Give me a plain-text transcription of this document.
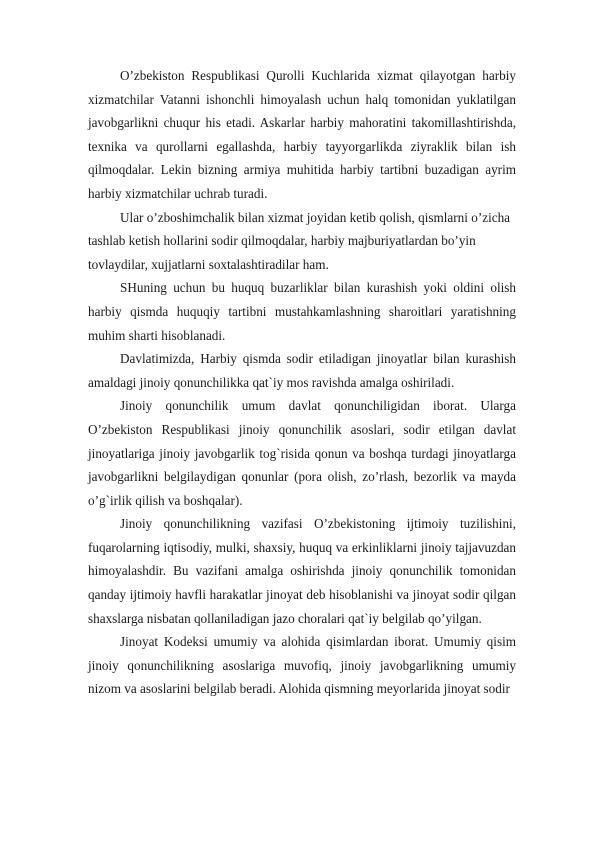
O’zbekiston Respublikasi Qurolli Kuchlarida xizmat qilayotgan harbiy xizmatchilar Vatanni ishonchli himoyalash uchun halq tomonidan yuklatilgan javobgarlikni chuqur his etadi. Askarlar harbiy mahoratini takomillashtirishda, texnika va qurollarni egallashda, harbiy tayyorgarlikda ziyraklik bilan ish qilmoqdalar. Lekin bizning armiya muhitida harbiy tartibni buzadigan ayrim harbiy xizmatchilar uchrab turadi.

Ular o’zboshimchalik bilan xizmat joyidan ketib qolish, qismlarni o’zicha tashlab ketish hollarini sodir qilmoqdalar, harbiy majburiyatlardan bo’yin tovlaydilar, xujjatlarni soxtalashtiradilar ham.

SHuning uchun bu huquq buzarliklar bilan kurashish yoki oldini olish harbiy qismda huquqiy tartibni mustahkamlashning sharoitlari yaratishning muhim sharti hisoblanadi.

Davlatimizda, Harbiy qismda sodir etiladigan jinoyatlar bilan kurashish amaldagi jinoiy qonunchilikka qat`iy mos ravishda amalga oshiriladi.

Jinoiy qonunchilik umum davlat qonunchiligidan iborat. Ularga O’zbekiston Respublikasi jinoiy qonunchilik asoslari, sodir etilgan davlat jinoyatlariga jinoiy javobgarlik tog`risida qonun va boshqa turdagi jinoyatlarga javobgarlikni belgilaydigan qonunlar (pora olish, zo’rlash, bezorlik va mayda o’g`irlik qilish va boshqalar).

Jinoiy qonunchilikning vazifasi O’zbekistoning ijtimoiy tuzilishini, fuqarolarning iqtisodiy, mulki, shaxsiy, huquq va erkinliklarni jinoiy tajjavuzdan himoyalashdir. Bu vazifani amalga oshirishda jinoiy qonunchilik tomonidan qanday ijtimoiy havfli harakatlar jinoyat deb hisoblanishi va jinoyat sodir qilgan shaxslarga nisbatan qollaniladigan jazo choralari qat`iy belgilab qo’yilgan.

Jinoyat Kodeksi umumiy va alohida qisimlardan iborat. Umumiy qisim jinoiy qonunchilikning asoslariga muvofiq, jinoiy javobgarlikning umumiy nizom va asoslarini belgilab beradi. Alohida qismning meyorlarida jinoyat sodir
